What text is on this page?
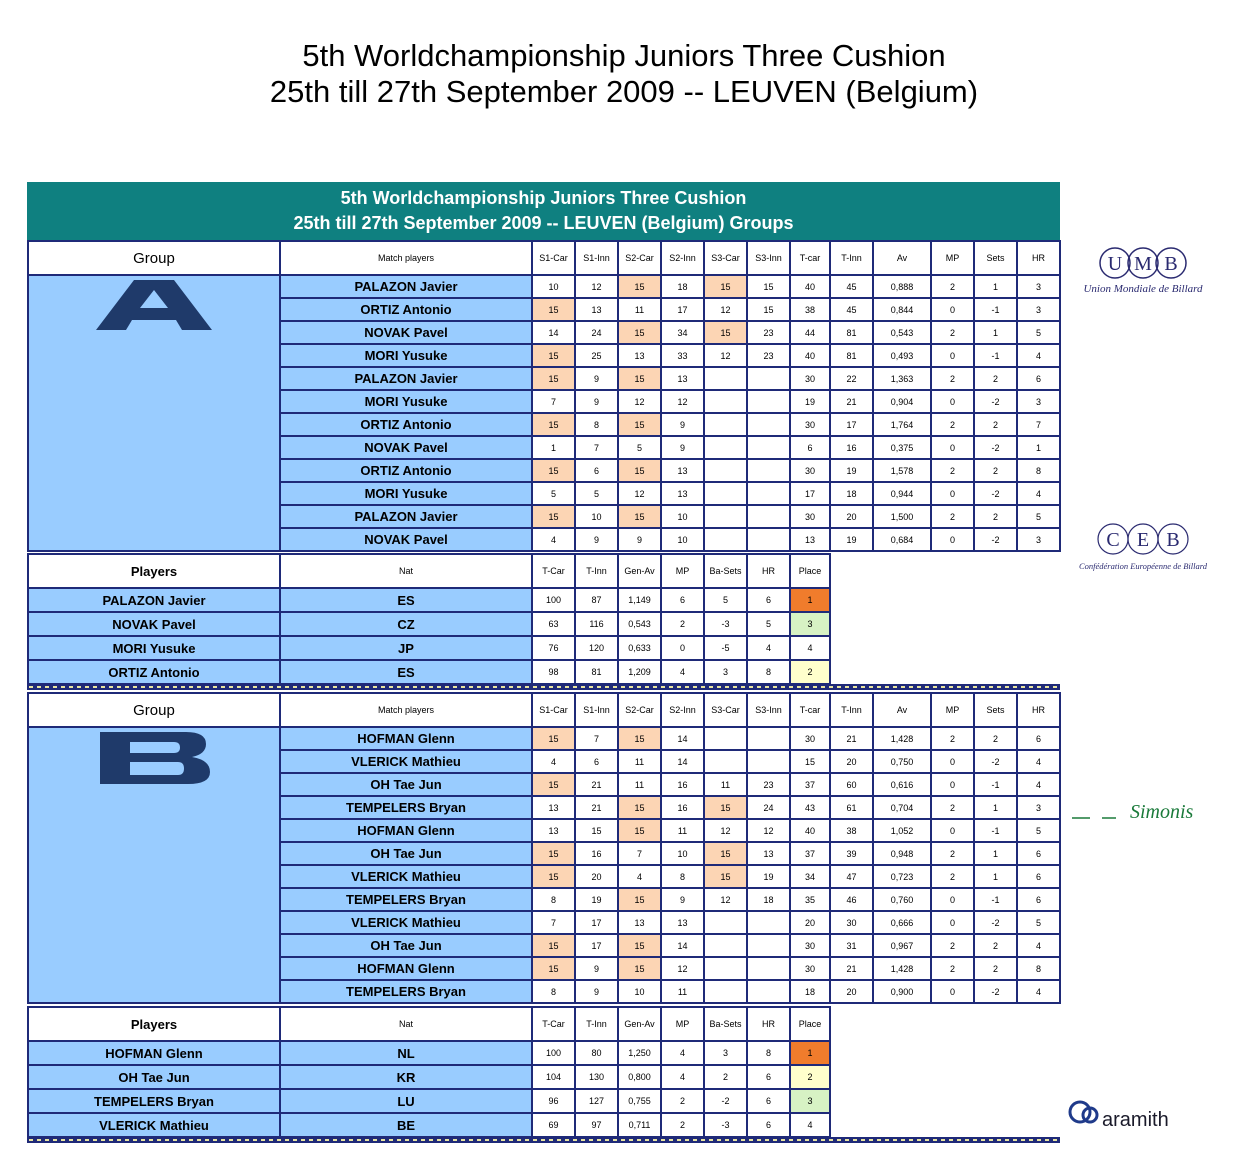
5th Worldchampionship Juniors Three Cushion
25th till 27th September 2009 -- LEUVEN (Belgium)
5th Worldchampionship Juniors Three Cushion
25th till 27th September 2009 -- LEUVEN (Belgium) Groups
Group	Match players	S1-Car	S1-Inn	S2-Car	S2-Inn	S3-Car	S3-Inn	T-car	T-Inn	Av	MP	Sets	HR

	PALAZON Javier	10	12	15	18	15	15	40	45	0,888	2	1	3
	ORTIZ Antonio	15	13	11	17	12	15	38	45	0,844	0	-1	3
	NOVAK Pavel	14	24	15	34	15	23	44	81	0,543	2	1	5
	MORI Yusuke	15	25	13	33	12	23	40	81	0,493	0	-1	4
	PALAZON Javier	15	9	15	13			30	22	1,363	2	2	6
	MORI Yusuke	7	9	12	12			19	21	0,904	0	-2	3
	ORTIZ Antonio	15	8	15	9			30	17	1,764	2	2	7
	NOVAK Pavel	1	7	5	9			6	16	0,375	0	-2	1
	ORTIZ Antonio	15	6	15	13			30	19	1,578	2	2	8
	MORI Yusuke	5	5	12	13			17	18	0,944	0	-2	4
	PALAZON Javier	15	10	15	10			30	20	1,500	2	2	5
	NOVAK Pavel	4	9	9	10			13	19	0,684	0	-2	3
Players	Nat	T-Car	T-Inn	Gen-Av	MP	Ba-Sets	HR	Place
PALAZON Javier	ES	100	87	1,149	6	5	6	1
NOVAK Pavel	CZ	63	116	0,543	2	-3	5	3
MORI Yusuke	JP	76	120	0,633	0	-5	4	4
ORTIZ Antonio	ES	98	81	1,209	4	3	8	2
Group	Match players	S1-Car	S1-Inn	S2-Car	S2-Inn	S3-Car	S3-Inn	T-car	T-Inn	Av	MP	Sets	HR

	HOFMAN Glenn	15	7	15	14			30	21	1,428	2	2	6
	VLERICK Mathieu	4	6	11	14			15	20	0,750	0	-2	4
	OH Tae Jun	15	21	11	16	11	23	37	60	0,616	0	-1	4
	TEMPELERS Bryan	13	21	15	16	15	24	43	61	0,704	2	1	3
	HOFMAN Glenn	13	15	15	11	12	12	40	38	1,052	0	-1	5
	OH Tae Jun	15	16	7	10	15	13	37	39	0,948	2	1	6
	VLERICK Mathieu	15	20	4	8	15	19	34	47	0,723	2	1	6
	TEMPELERS Bryan	8	19	15	9	12	18	35	46	0,760	0	-1	6
	VLERICK Mathieu	7	17	13	13			20	30	0,666	0	-2	5
	OH Tae Jun	15	17	15	14			30	31	0,967	2	2	4
	HOFMAN Glenn	15	9	15	12			30	21	1,428	2	2	8
	TEMPELERS Bryan	8	9	10	11			18	20	0,900	0	-2	4
Players	Nat	T-Car	T-Inn	Gen-Av	MP	Ba-Sets	HR	Place
HOFMAN Glenn	NL	100	80	1,250	4	3	8	1
OH Tae Jun	KR	104	130	0,800	4	2	6	2
TEMPELERS Bryan	LU	96	127	0,755	2	-2	6	3
VLERICK Mathieu	BE	69	97	0,711	2	-3	6	4
U M B
Union Mondiale de Billard
C E B
Confédération Européenne de Billard
Simonis
aramith
